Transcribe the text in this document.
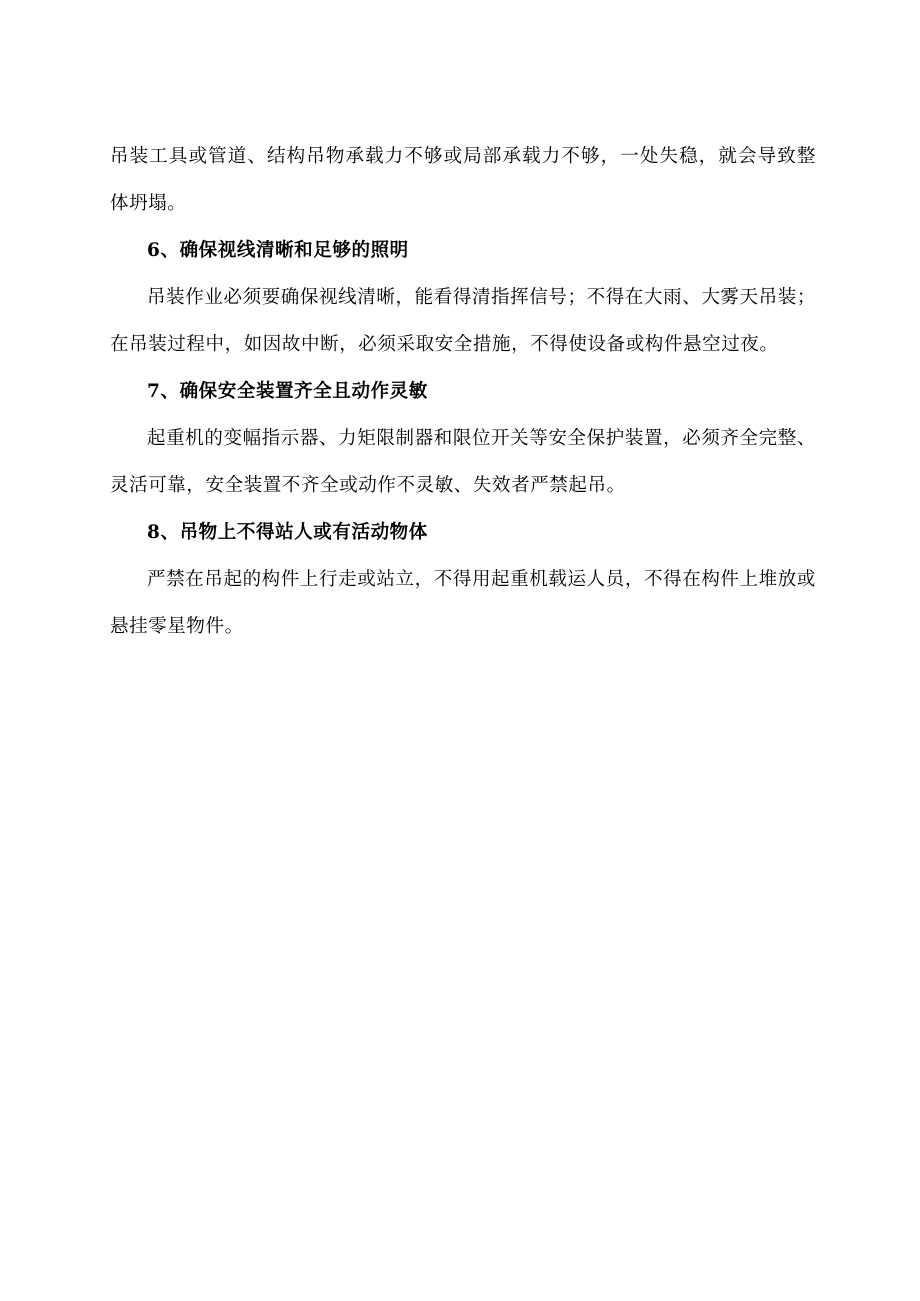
吊装工具或管道、结构吊物承载力不够或局部承载力不够，一处失稳，就会导致整体坍塌。

6、确保视线清晰和足够的照明

吊装作业必须要确保视线清晰，能看得清指挥信号；不得在大雨、大雾天吊装；在吊装过程中，如因故中断，必须采取安全措施，不得使设备或构件悬空过夜。

7、确保安全装置齐全且动作灵敏

起重机的变幅指示器、力矩限制器和限位开关等安全保护装置，必须齐全完整、灵活可靠，安全装置不齐全或动作不灵敏、失效者严禁起吊。

8、吊物上不得站人或有活动物体

严禁在吊起的构件上行走或站立，不得用起重机载运人员，不得在构件上堆放或悬挂零星物件。
